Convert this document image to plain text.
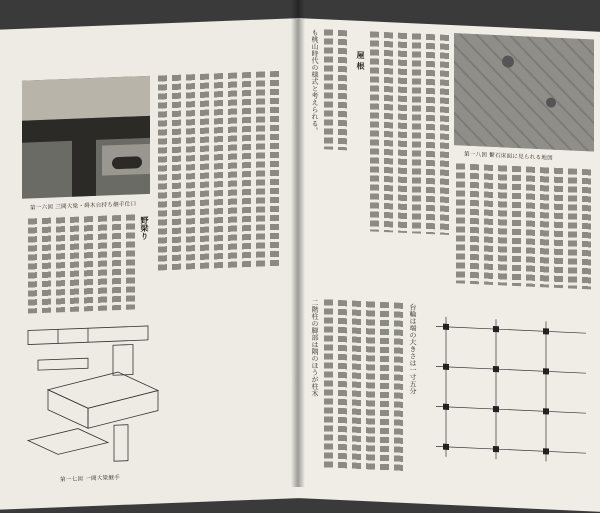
第一六図 三間大梁・碍木台持ち継手仕口
野梁り
第一七図 一間大梁継手
も桃山時代の様式と考えられる。	屋 根
第一八図 繋石床面に見られる地図
二階柱の脚部は隅のほうが柱木	台輪は端の大きさは一寸五分
